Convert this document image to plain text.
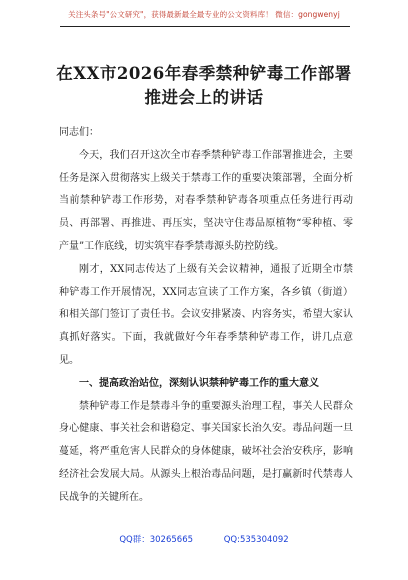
关注头条号"公文研究"，获得最新最全最专业的公文资料库！ 微信：gongwenyj
在XX市2026年春季禁种铲毒工作部署
推进会上的讲话

同志们：

今天，我们召开这次全市春季禁种铲毒工作部署推进会，主要任务是深入贯彻落实上级关于禁毒工作的重要决策部署，全面分析当前禁种铲毒工作形势，对春季禁种铲毒各项重点任务进行再动员、再部署、再推进、再压实，坚决守住毒品原植物“零种植、零产量”工作底线，切实筑牢春季禁毒源头防控防线。

刚才，XX同志传达了上级有关会议精神，通报了近期全市禁种铲毒工作开展情况，XX同志宣读了工作方案，各乡镇（街道）和相关部门签订了责任书。会议安排紧凑、内容务实，希望大家认真抓好落实。下面，我就做好今年春季禁种铲毒工作，讲几点意见。

一、提高政治站位，深刻认识禁种铲毒工作的重大意义

禁种铲毒工作是禁毒斗争的重要源头治理工程，事关人民群众身心健康、事关社会和谐稳定、事关国家长治久安。毒品问题一旦蔓延，将严重危害人民群众的身体健康，破坏社会治安秩序，影响经济社会发展大局。从源头上根治毒品问题，是打赢新时代禁毒人民战争的关键所在。

QQ群：30265665	QQ:535304092
